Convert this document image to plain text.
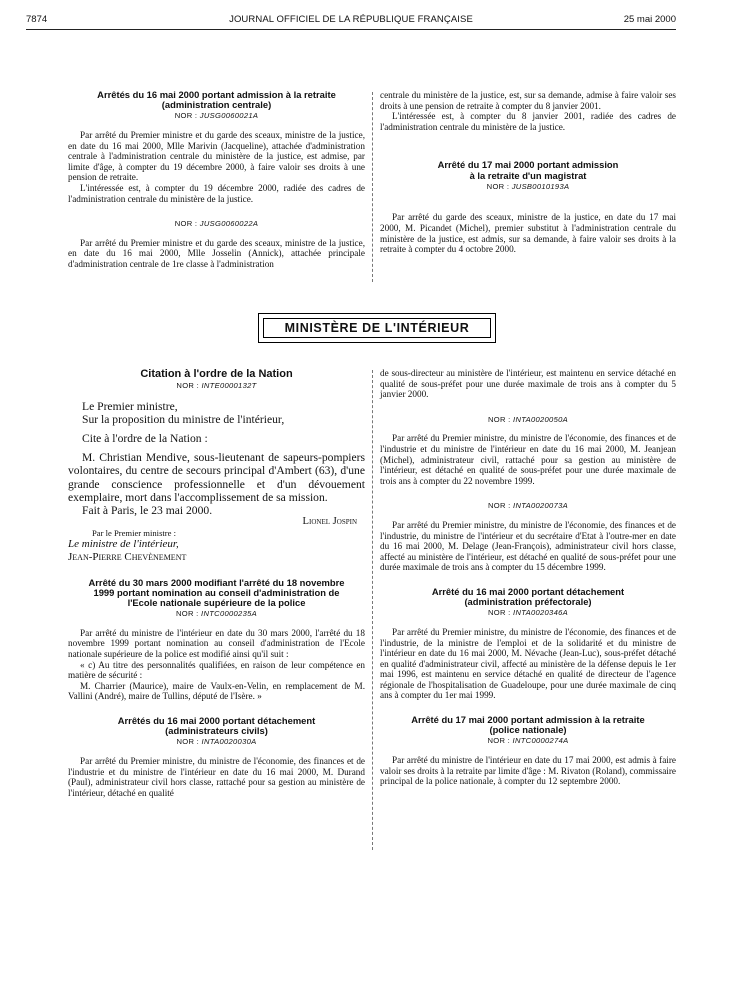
7874	JOURNAL OFFICIEL DE LA RÉPUBLIQUE FRANÇAISE	25 mai 2000
Arrêtés du 16 mai 2000 portant admission à la retraite
(administration centrale)
NOR : JUSG0060021A

Par arrêté du Premier ministre et du garde des sceaux, ministre de la justice, en date du 16 mai 2000, Mlle Marivin (Jacqueline), attachée d'administration centrale à l'administration centrale du ministère de la justice, est admise, par limite d'âge, à compter du 19 décembre 2000, à faire valoir ses droits à une pension de retraite.

L'intéressée est, à compter du 19 décembre 2000, radiée des cadres de l'administration centrale du ministère de la justice.

NOR : JUSG0060022A

Par arrêté du Premier ministre et du garde des sceaux, ministre de la justice, en date du 16 mai 2000, Mlle Josselin (Annick), attachée principale d'administration centrale de 1re classe à l'administration

centrale du ministère de la justice, est, sur sa demande, admise à faire valoir ses droits à une pension de retraite à compter du 8 janvier 2001.

L'intéressée est, à compter du 8 janvier 2001, radiée des cadres de l'administration centrale du ministère de la justice.

Arrêté du 17 mai 2000 portant admission
à la retraite d'un magistrat
NOR : JUSB0010193A

Par arrêté du garde des sceaux, ministre de la justice, en date du 17 mai 2000, M. Picandet (Michel), premier substitut à l'administration centrale du ministère de la justice, est admis, sur sa demande, à faire valoir ses droits à la retraite à compter du 4 octobre 2000.

MINISTÈRE DE L'INTÉRIEUR
Citation à l'ordre de la Nation
NOR : INTE0000132T

Le Premier ministre,

Sur la proposition du ministre de l'intérieur,

Cite à l'ordre de la Nation :

M. Christian Mendive, sous-lieutenant de sapeurs-pompiers volontaires, du centre de secours principal d'Ambert (63), d'une grande conscience professionnelle et d'un dévouement exemplaire, mort dans l'accomplissement de sa mission.

Fait à Paris, le 23 mai 2000.

Lionel Jospin

Par le Premier ministre :

Le ministre de l'intérieur,

Jean-Pierre Chevènement

Arrêté du 30 mars 2000 modifiant l'arrêté du 18 novembre
1999 portant nomination au conseil d'administration de
l'Ecole nationale supérieure de la police
NOR : INTC0000235A

Par arrêté du ministre de l'intérieur en date du 30 mars 2000, l'arrêté du 18 novembre 1999 portant nomination au conseil d'administration de l'Ecole nationale supérieure de la police est modifié ainsi qu'il suit :

« c) Au titre des personnalités qualifiées, en raison de leur compétence en matière de sécurité :

M. Charrier (Maurice), maire de Vaulx-en-Velin, en remplacement de M. Vallini (André), maire de Tullins, député de l'Isère. »

Arrêtés du 16 mai 2000 portant détachement
(administrateurs civils)
NOR : INTA0020030A

Par arrêté du Premier ministre, du ministre de l'économie, des finances et de l'industrie et du ministre de l'intérieur en date du 16 mai 2000, M. Durand (Paul), administrateur civil hors classe, rattaché pour sa gestion au ministère de l'intérieur, détaché en qualité

de sous-directeur au ministère de l'intérieur, est maintenu en service détaché en qualité de sous-préfet pour une durée maximale de trois ans à compter du 5 janvier 2000.

NOR : INTA0020050A

Par arrêté du Premier ministre, du ministre de l'économie, des finances et de l'industrie et du ministre de l'intérieur en date du 16 mai 2000, M. Jeanjean (Michel), administrateur civil, rattaché pour sa gestion au ministère de l'intérieur, est détaché en qualité de sous-préfet pour une durée maximale de trois ans à compter du 22 novembre 1999.

NOR : INTA0020073A

Par arrêté du Premier ministre, du ministre de l'économie, des finances et de l'industrie, du ministre de l'intérieur et du secrétaire d'Etat à l'outre-mer en date du 16 mai 2000, M. Delage (Jean-François), administrateur civil hors classe, affecté au ministère de l'intérieur, est détaché en qualité de sous-préfet pour une durée maximale de trois ans à compter du 15 décembre 1999.

Arrêté du 16 mai 2000 portant détachement
(administration préfectorale)
NOR : INTA0020346A

Par arrêté du Premier ministre, du ministre de l'économie, des finances et de l'industrie, de la ministre de l'emploi et de la solidarité et du ministre de l'intérieur en date du 16 mai 2000, M. Névache (Jean-Luc), sous-préfet détaché en qualité d'administrateur civil, affecté au ministère de la défense depuis le 1er mai 1996, est maintenu en service détaché en qualité de directeur de l'agence régionale de l'hospitalisation de Guadeloupe, pour une durée maximale de cinq ans à compter du 1er mai 1999.

Arrêté du 17 mai 2000 portant admission à la retraite
(police nationale)
NOR : INTC0000274A

Par arrêté du ministre de l'intérieur en date du 17 mai 2000, est admis à faire valoir ses droits à la retraite par limite d'âge : M. Rivaton (Roland), commissaire principal de la police nationale, à compter du 12 septembre 2000.
